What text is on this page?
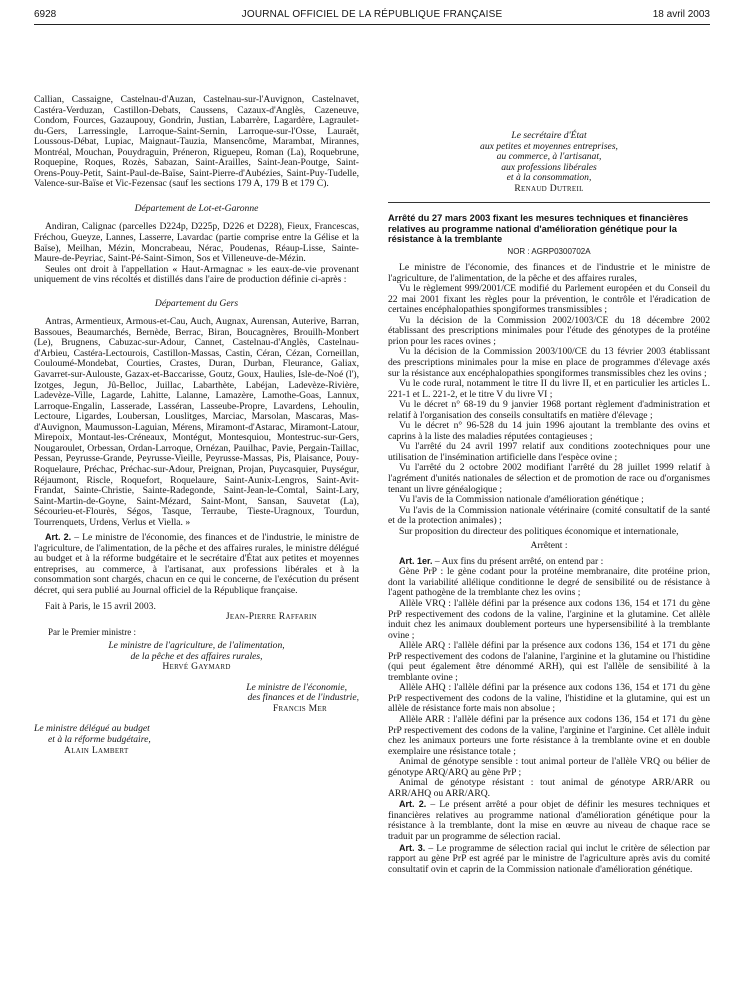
6928	JOURNAL OFFICIEL DE LA RÉPUBLIQUE FRANÇAISE	18 avril 2003

Callian, Cassaigne, Castelnau-d'Auzan, Castelnau-sur-l'Auvignon, Castelnavet, Castéra-Verduzan, Castillon-Debats, Caussens, Cazaux-d'Anglès, Cazeneuve, Condom, Fources, Gazaupouy, Gondrin, Justian, Labarrère, Lagardère, Lagraulet-du-Gers, Larressingle, Larroque-Saint-Sernin, Larroque-sur-l'Osse, Lauraët, Loussous-Débat, Lupiac, Maignaut-Tauzia, Mansencôme, Marambat, Mirannes, Montréal, Mouchan, Pouydraguin, Préneron, Riguepeu, Roman (La), Roquebrune, Roquepine, Roques, Rozès, Sabazan, Saint-Arailles, Saint-Jean-Poutge, Saint-Orens-Pouy-Petit, Saint-Paul-de-Baïse, Saint-Pierre-d'Aubézies, Saint-Puy-Tudelle, Valence-sur-Baïse et Vic-Fezensac (sauf les sections 179 A, 179 B et 179 C).

Département de Lot-et-Garonne

Andiran, Calignac (parcelles D224p, D225p, D226 et D228), Fieux, Francescas, Fréchou, Gueyze, Lannes, Lasserre, Lavardac (partie comprise entre la Gélise et la Baïse), Meilhan, Mézin, Moncrabeau, Nérac, Poudenas, Réaup-Lisse, Sainte-Maure-de-Peyriac, Saint-Pé-Saint-Simon, Sos et Villeneuve-de-Mézin.

Seules ont droit à l'appellation « Haut-Armagnac » les eaux-de-vie provenant uniquement de vins récoltés et distillés dans l'aire de production définie ci-après :

Département du Gers

Antras, Armentieux, Armous-et-Cau, Auch, Augnax, Aurensan, Auterive, Barran, Bassoues, Beaumarchés, Bernède, Berrac, Biran, Boucagnères, Brouilh-Monbert (Le), Brugnens, Cabuzac-sur-Adour, Cannet, Castelnau-d'Anglès, Castelnau-d'Arbieu, Castéra-Lectourois, Castillon-Massas, Castin, Céran, Cézan, Corneillan, Couloumé-Mondebat, Courties, Crastes, Duran, Durban, Fleurance, Galiax, Gavarret-sur-Aulouste, Gazax-et-Baccarisse, Goutz, Goux, Haulies, Isle-de-Noé (l'), Izotges, Jegun, Jû-Belloc, Juillac, Labarthète, Labéjan, Ladevèze-Rivière, Ladevèze-Ville, Lagarde, Lahitte, Lalanne, Lamazère, Lamothe-Goas, Lannux, Larroque-Engalin, Lasserade, Lasséran, Lasseube-Propre, Lavardens, Lehoulin, Lectoure, Ligardes, Loubersan, Louslitges, Marciac, Marsolan, Mascaras, Mas-d'Auvignon, Maumusson-Laguian, Mérens, Miramont-d'Astarac, Miramont-Latour, Mirepoix, Montaut-les-Créneaux, Montégut, Montesquiou, Montestruc-sur-Gers, Nougaroulet, Orbessan, Ordan-Larroque, Ornézan, Pauilhac, Pavie, Pergain-Taillac, Pessan, Peyrusse-Grande, Peyrusse-Vieille, Peyrusse-Massas, Pis, Plaisance, Pouy-Roquelaure, Préchac, Préchac-sur-Adour, Preignan, Projan, Puycasquier, Puységur, Réjaumont, Riscle, Roquefort, Roquelaure, Saint-Aunix-Lengros, Saint-Avit-Frandat, Sainte-Christie, Sainte-Radegonde, Saint-Jean-le-Comtal, Saint-Lary, Saint-Martin-de-Goyne, Saint-Mézard, Saint-Mont, Sansan, Sauvetat (La), Sécourieu-et-Flourès, Ségos, Tasque, Terraube, Tieste-Uragnoux, Tourdun, Tourrenquets, Urdens, Verlus et Viella. »

Art. 2. – Le ministre de l'économie, des finances et de l'industrie, le ministre de l'agriculture, de l'alimentation, de la pêche et des affaires rurales, le ministre délégué au budget et à la réforme budgétaire et le secrétaire d'État aux petites et moyennes entreprises, au commerce, à l'artisanat, aux professions libérales et à la consommation sont chargés, chacun en ce qui le concerne, de l'exécution du présent décret, qui sera publié au Journal officiel de la République française.

Fait à Paris, le 15 avril 2003.

Jean-Pierre Raffarin

Par le Premier ministre :

Le ministre de l'agriculture, de l'alimentation,

de la pêche et des affaires rurales,

Hervé Gaymard

Le ministre de l'économie,

des finances et de l'industrie,

Francis Mer

Le ministre délégué au budget

et à la réforme budgétaire,

Alain Lambert

Le secrétaire d'État

aux petites et moyennes entreprises,

au commerce, à l'artisanat,

aux professions libérales

et à la consommation,

Renaud Dutreil

Arrêté du 27 mars 2003 fixant les mesures techniques et financières relatives au programme national d'amélioration génétique pour la résistance à la tremblante

NOR : AGRP0300702A

Le ministre de l'économie, des finances et de l'industrie et le ministre de l'agriculture, de l'alimentation, de la pêche et des affaires rurales,

Vu le règlement 999/2001/CE modifié du Parlement européen et du Conseil du 22 mai 2001 fixant les règles pour la prévention, le contrôle et l'éradication de certaines encéphalopathies spongiformes transmissibles ;

Vu la décision de la Commission 2002/1003/CE du 18 décembre 2002 établissant des prescriptions minimales pour l'étude des génotypes de la protéine prion pour les races ovines ;

Vu la décision de la Commission 2003/100/CE du 13 février 2003 établissant des prescriptions minimales pour la mise en place de programmes d'élevage axés sur la résistance aux encéphalopathies spongiformes transmissibles chez les ovins ;

Vu le code rural, notamment le titre II du livre II, et en particulier les articles L. 221-1 et L. 221-2, et le titre V du livre VI ;

Vu le décret n° 68-19 du 9 janvier 1968 portant règlement d'administration et relatif à l'organisation des conseils consultatifs en matière d'élevage ;

Vu le décret n° 96-528 du 14 juin 1996 ajoutant la tremblante des ovins et caprins à la liste des maladies réputées contagieuses ;

Vu l'arrêté du 24 avril 1997 relatif aux conditions zootechniques pour une utilisation de l'insémination artificielle dans l'espèce ovine ;

Vu l'arrêté du 2 octobre 2002 modifiant l'arrêté du 28 juillet 1999 relatif à l'agrément d'unités nationales de sélection et de promotion de race ou d'organismes tenant un livre généalogique ;

Vu l'avis de la Commission nationale d'amélioration génétique ;

Vu l'avis de la Commission nationale vétérinaire (comité consultatif de la santé et de la protection animales) ;

Sur proposition du directeur des politiques économique et internationale,

Arrêtent :

Art. 1er. – Aux fins du présent arrêté, on entend par :

Gène PrP : le gène codant pour la protéine membranaire, dite protéine prion, dont la variabilité allélique conditionne le degré de sensibilité ou de résistance à l'agent pathogène de la tremblante chez les ovins ;

Allèle VRQ : l'allèle défini par la présence aux codons 136, 154 et 171 du gène PrP respectivement des codons de la valine, l'arginine et la glutamine. Cet allèle induit chez les animaux doublement porteurs une hypersensibilité à la tremblante ovine ;

Allèle ARQ : l'allèle défini par la présence aux codons 136, 154 et 171 du gène PrP respectivement des codons de l'alanine, l'arginine et la glutamine ou l'histidine (qui peut également être dénommé ARH), qui est l'allèle de sensibilité à la tremblante ovine ;

Allèle AHQ : l'allèle défini par la présence aux codons 136, 154 et 171 du gène PrP respectivement des codons de la valine, l'histidine et la glutamine, qui est un allèle de résistance forte mais non absolue ;

Allèle ARR : l'allèle défini par la présence aux codons 136, 154 et 171 du gène PrP respectivement des codons de la valine, l'arginine et l'arginine. Cet allèle induit chez les animaux porteurs une forte résistance à la tremblante ovine et en double exemplaire une résistance totale ;

Animal de génotype sensible : tout animal porteur de l'allèle VRQ ou bélier de génotype ARQ/ARQ au gène PrP ;

Animal de génotype résistant : tout animal de génotype ARR/ARR ou ARR/AHQ ou ARR/ARQ.

Art. 2. – Le présent arrêté a pour objet de définir les mesures techniques et financières relatives au programme national d'amélioration génétique pour la résistance à la tremblante, dont la mise en œuvre au niveau de chaque race se traduit par un programme de sélection racial.

Art. 3. – Le programme de sélection racial qui inclut le critère de sélection par rapport au gène PrP est agréé par le ministre de l'agriculture après avis du comité consultatif ovin et caprin de la Commission nationale d'amélioration génétique.
